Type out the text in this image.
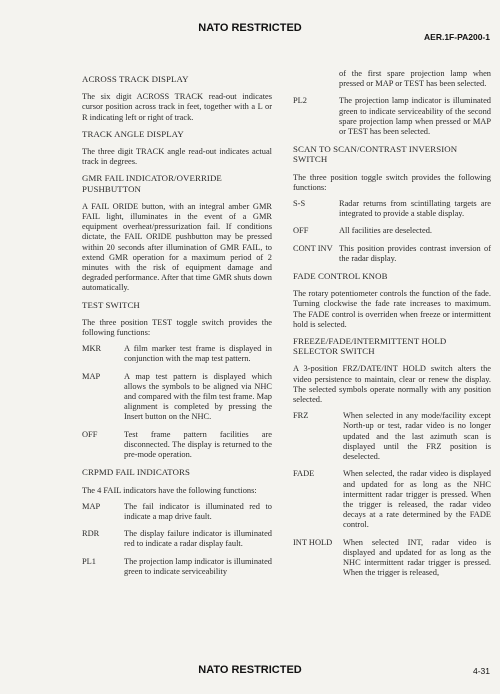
NATO RESTRICTED
AER.1F-PA200-1
ACROSS TRACK DISPLAY

The six digit ACROSS TRACK read-out indicates cursor position across track in feet, together with a L or R indicating left or right of track.

TRACK ANGLE DISPLAY

The three digit TRACK angle read-out indicates actual track in degrees.

GMR FAIL INDICATOR/OVERRIDE PUSHBUTTON

A FAIL ORIDE button, with an integral amber GMR FAIL light, illuminates in the event of a GMR equipment overheat/pressurization fail. If conditions dictate, the FAIL ORIDE pushbutton may be pressed within 20 seconds after illumination of GMR FAIL, to extend GMR operation for a maximum period of 2 minutes with the risk of equipment damage and degraded performance. After that time GMR shuts down automatically.

TEST SWITCH

The three position TEST toggle switch provides the following functions:

MKR	A film marker test frame is displayed in conjunction with the map test pattern.
MAP	A map test pattern is displayed which allows the symbols to be aligned via NHC and compared with the film test frame. Map alignment is completed by pressing the Insert button on the NHC.
OFF	Test frame pattern facilities are disconnected. The display is returned to the pre-mode operation.
CRPMD FAIL INDICATORS

The 4 FAIL indicators have the following functions:

MAP	The fail indicator is illuminated red to indicate a map drive fault.
RDR	The display failure indicator is illuminated red to indicate a radar display fault.
PL1	The projection lamp indicator is illuminated green to indicate serviceability
of the first spare projection lamp when pressed or MAP or TEST has been selected.
PL2	The projection lamp indicator is illuminated green to indicate serviceability of the second spare projection lamp when pressed or MAP or TEST has been selected.
SCAN TO SCAN/CONTRAST INVERSION SWITCH

The three position toggle switch provides the following functions:

S-S	Radar returns from scintillating targets are integrated to provide a stable display.
OFF	All facilities are deselected.
CONT INV This position provides contrast inversion of the radar display.
FADE CONTROL KNOB

The rotary potentiometer controls the function of the fade. Turning clockwise the fade rate increases to maximum. The FADE control is overriden when freeze or intermittent hold is selected.

FREEZE/FADE/INTERMITTENT HOLD SELECTOR SWITCH

A 3-position FRZ/DATE/INT HOLD switch alters the video persistence to maintain, clear or renew the display. The selected symbols operate normally with any position selected.

FRZ	When selected in any mode/facility except North-up or test, radar video is no longer updated and the last azimuth scan is displayed until the FRZ position is deselected.
FADE	When selected, the radar video is displayed and updated for as long as the NHC intermittent radar trigger is pressed. When the trigger is released, the radar video decays at a rate determined by the FADE control.
INT HOLD	When selected INT, radar video is displayed and updated for as long as the NHC intermittent radar trigger is pressed. When the trigger is released,
NATO RESTRICTED	4-31
